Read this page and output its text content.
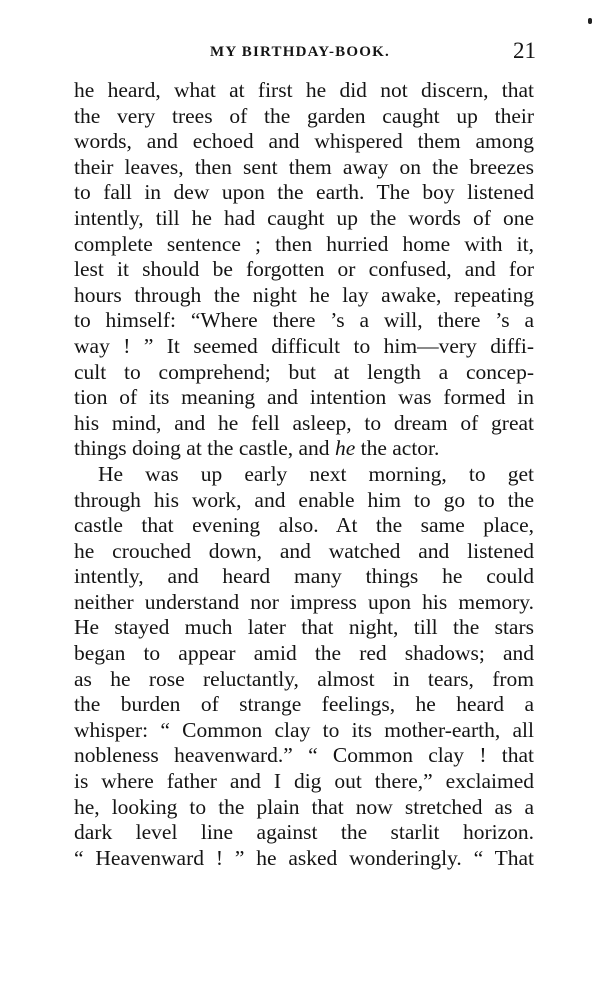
MY BIRTHDAY-BOOK.	21
he heard, what at first he did not discern, that
the very trees of the garden caught up their
words, and echoed and whispered them among
their leaves, then sent them away on the breezes
to fall in dew upon the earth. The boy listened
intently, till he had caught up the words of one
complete sentence ; then hurried home with it,
lest it should be forgotten or confused, and for
hours through the night he lay awake, repeating
to himself: “Where there ’s a will, there ’s a
way ! ” It seemed difficult to him—very diffi-
cult to comprehend; but at length a concep-
tion of its meaning and intention was formed in
his mind, and he fell asleep, to dream of great
things doing at the castle, and he the actor.
He was up early next morning, to get
through his work, and enable him to go to the
castle that evening also. At the same place,
he crouched down, and watched and listened
intently, and heard many things he could
neither understand nor impress upon his memory.
He stayed much later that night, till the stars
began to appear amid the red shadows; and
as he rose reluctantly, almost in tears, from
the burden of strange feelings, he heard a
whisper: “ Common clay to its mother-earth, all
nobleness heavenward.” “ Common clay ! that
is where father and I dig out there,” exclaimed
he, looking to the plain that now stretched as a
dark level line against the starlit horizon.
“ Heavenward ! ” he asked wonderingly. “ That
